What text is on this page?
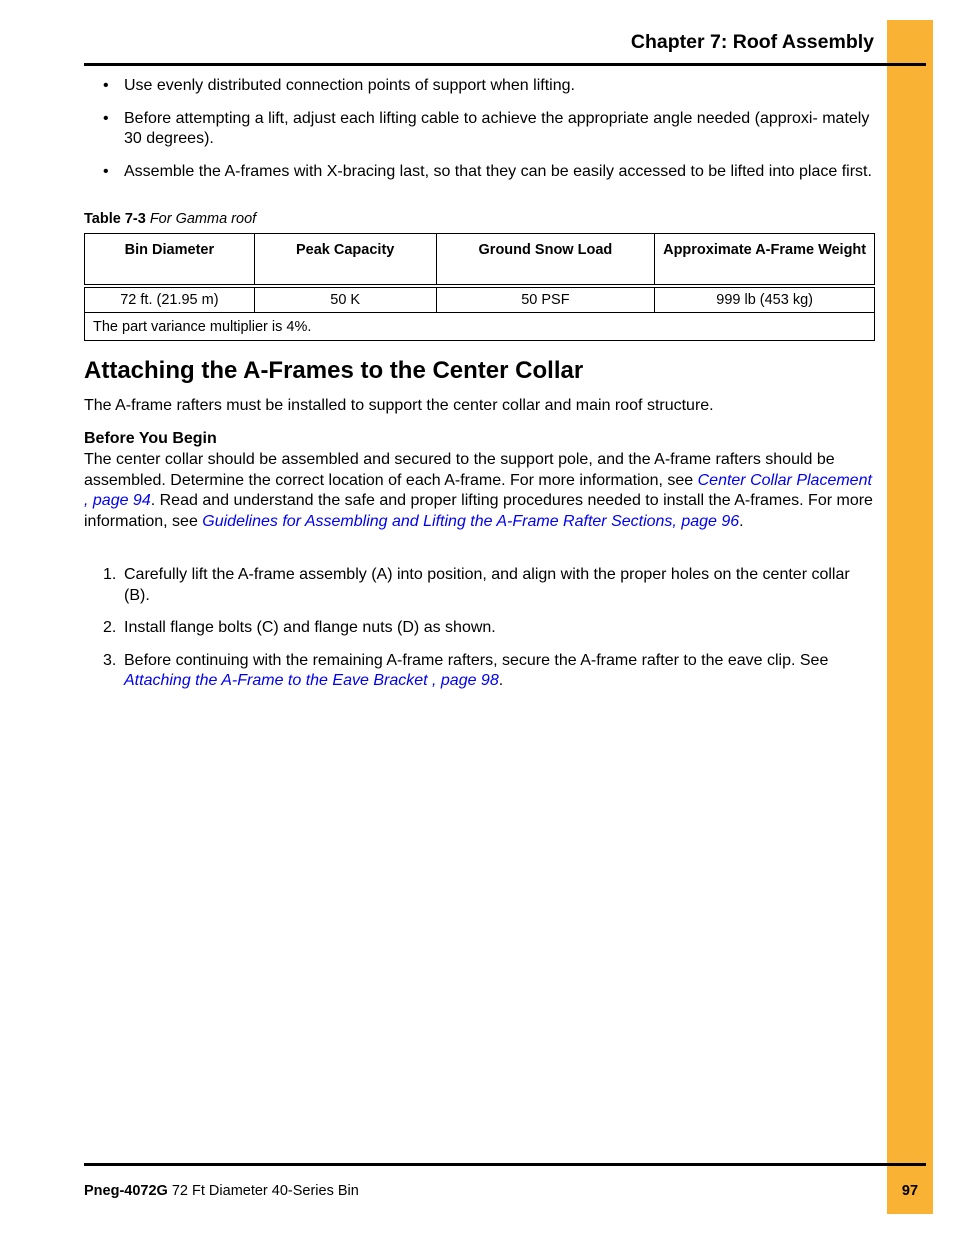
Chapter 7: Roof Assembly
• Use evenly distributed connection points of support when lifting.
• Before attempting a lift, adjust each lifting cable to achieve the appropriate angle needed (approxi- mately 30 degrees).
• Assemble the A-frames with X-bracing last, so that they can be easily accessed to be lifted into place first.
Table 7-3 For Gamma roof
Bin Diameter	Peak Capacity	Ground Snow Load	Approximate A-Frame Weight
72 ft. (21.95 m)	50 K	50 PSF	999 lb (453 kg)
The part variance multiplier is 4%.			
Attaching the A-Frames to the Center Collar

The A-frame rafters must be installed to support the center collar and main roof structure.

Before You Begin

The center collar should be assembled and secured to the support pole, and the A-frame rafters should be assembled. Determine the correct location of each A-frame. For more information, see Center Collar Placement , page 94. Read and understand the safe and proper lifting procedures needed to install the A-frames. For more information, see Guidelines for Assembling and Lifting the A-Frame Rafter Sections, page 96.

1. Carefully lift the A-frame assembly (A) into position, and align with the proper holes on the center collar (B).
2. Install flange bolts (C) and flange nuts (D) as shown.
3. Before continuing with the remaining A-frame rafters, secure the A-frame rafter to the eave clip. See Attaching the A-Frame to the Eave Bracket , page 98.
Pneg-4072G 72 Ft Diameter 40-Series Bin	97
